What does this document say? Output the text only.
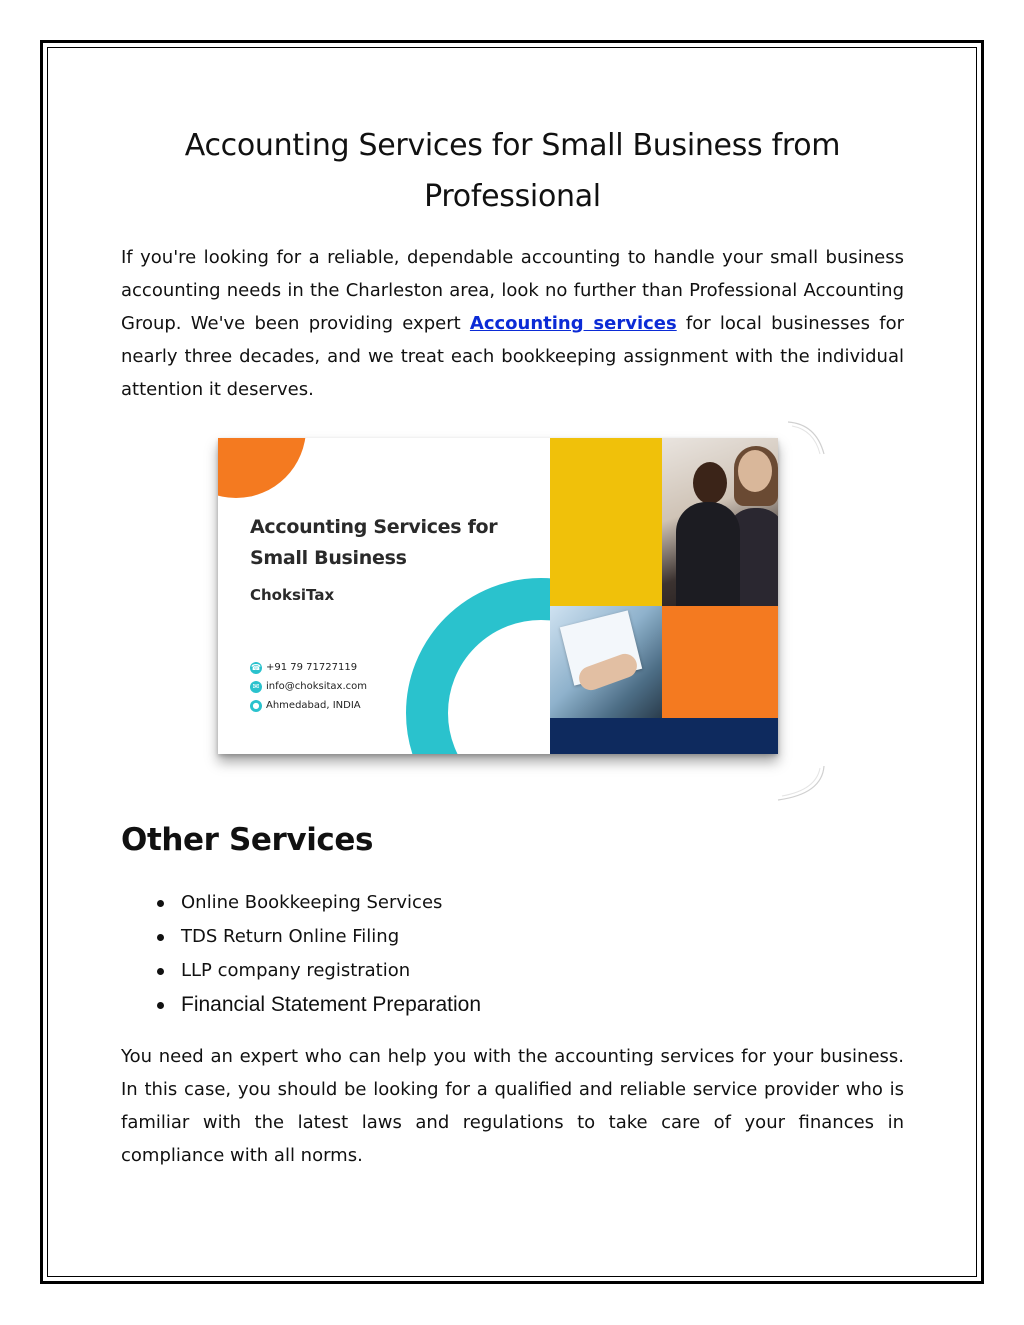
Accounting Services for Small Business from Professional

If you're looking for a reliable, dependable accounting to handle your small business accounting needs in the Charleston area, look no further than Professional Accounting Group. We've been providing expert Accounting services for local businesses for nearly three decades, and we treat each bookkeeping assignment with the individual attention it deserves.

Accounting Services for Small Business
ChoksiTax
☎ +91 79 71727119
✉ info@choksitax.com
● Ahmedabad, INDIA
Other Services
Online Bookkeeping Services
TDS Return Online Filing
LLP company registration
Financial Statement Preparation

You need an expert who can help you with the accounting services for your business. In this case, you should be looking for a qualified and reliable service provider who is familiar with the latest laws and regulations to take care of your finances in compliance with all norms.
